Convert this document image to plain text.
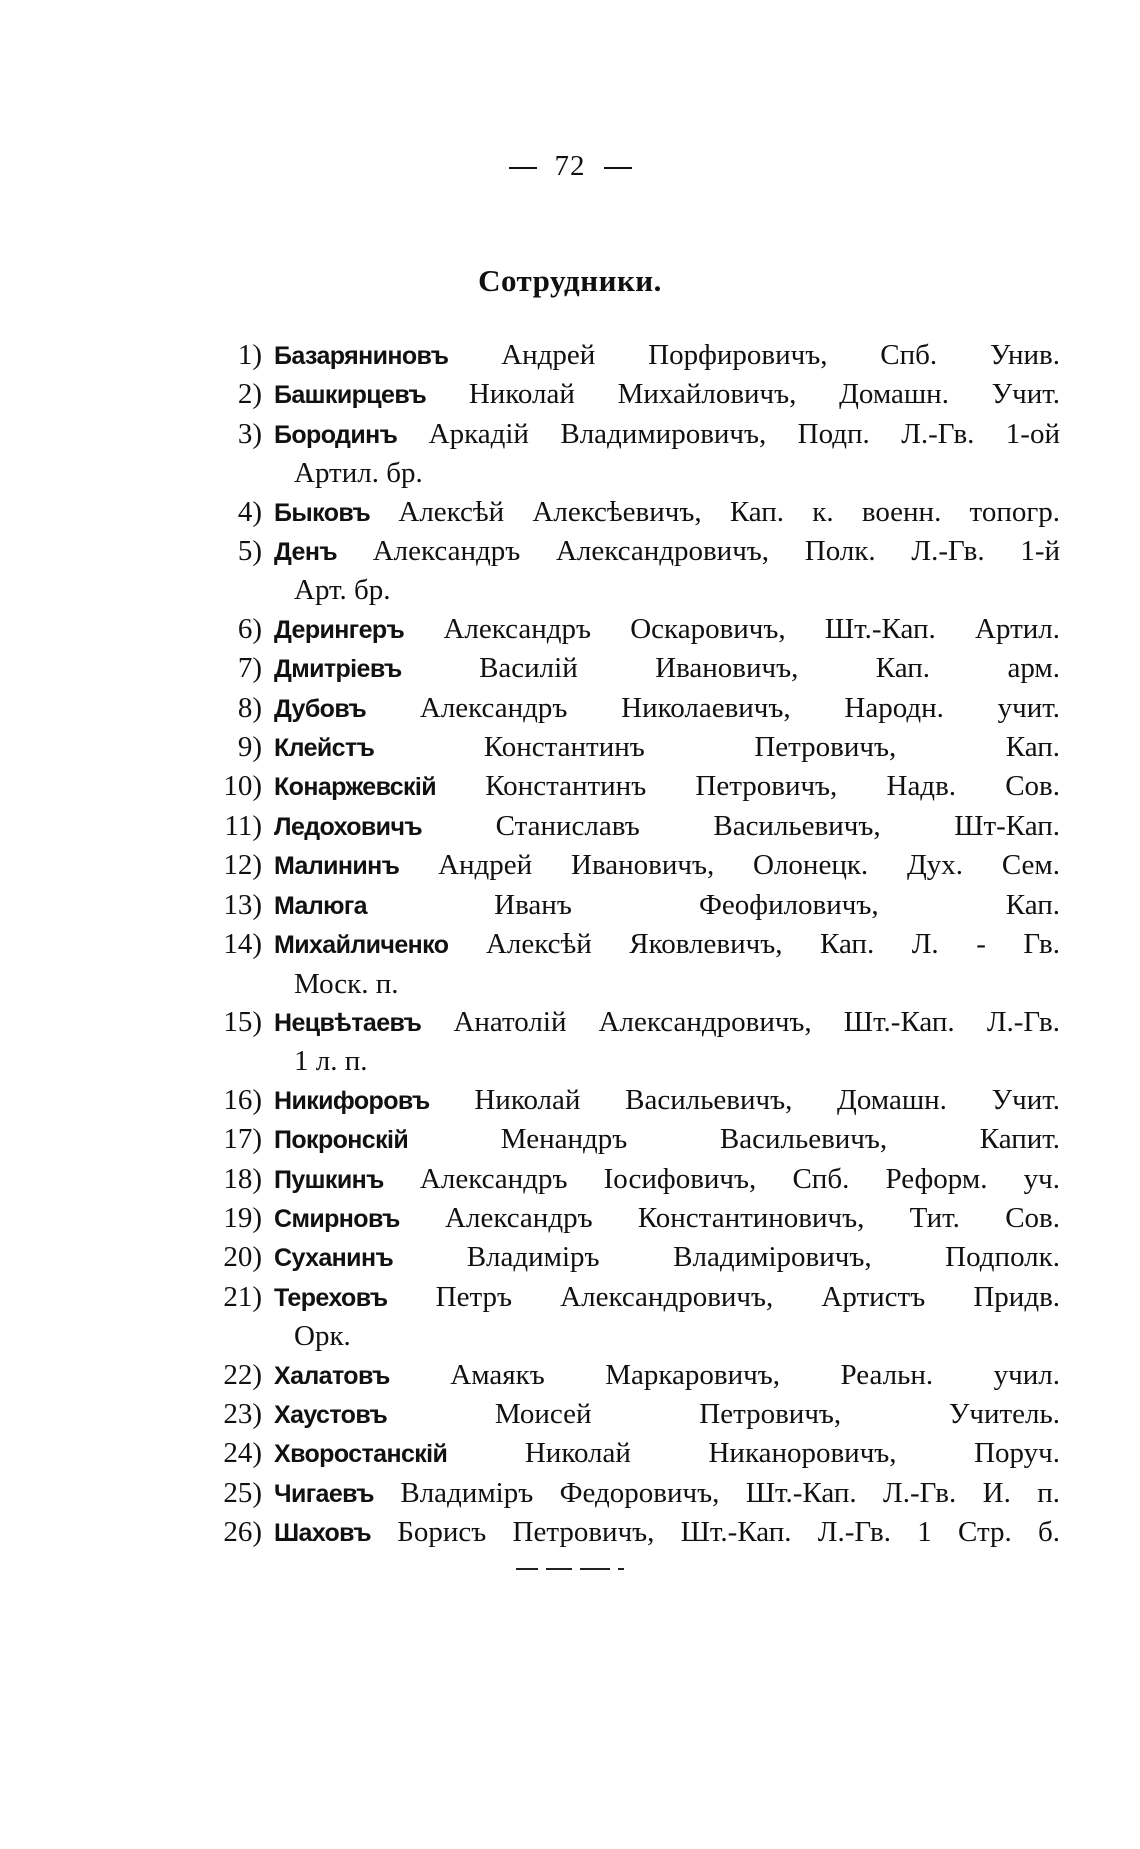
72
Сотрудники.
1) Базаряниновъ Андрей Порфировичъ, Спб. Унив.
2) Башкирцевъ Николай Михайловичъ, Домашн. Учит.
3) Бородинъ Аркадій Владимировичъ, Подп. Л.-Гв. 1-ой
Артил. бр.
4) Быковъ Алексѣй Алексѣевичъ, Кап. к. военн. топогр.
5) Денъ Александръ Александровичъ, Полк. Л.-Гв. 1-й
Арт. бр.
6) Дерингеръ Александръ Оскаровичъ, Шт.-Кап. Артил.
7) Дмитріевъ	Василій Ивановичъ, Кап. арм.
8) Дубовъ Александръ Николаевичъ, Народн. учит.
9) Клейстъ	Константинъ Петровичъ, Кап.
10) Конаржевскій Константинъ Петровичъ, Надв. Сов.
11) Ледоховичъ	Станиславъ Васильевичъ, Шт-Кап.
12) Малининъ Андрей Ивановичъ, Олонецк. Дух. Сем.
13) Малюга	Иванъ Феофиловичъ, Кап.
14) Михайличенко Алексѣй Яковлевичъ, Кап. Л. - Гв.
Моск. п.
15) Нецвѣтаевъ Анатолій Александровичъ, Шт.-Кап. Л.-Гв.
1 л. п.
16) Никифоровъ Николай Васильевичъ, Домашн. Учит.
17) Покронскій	Менандръ Васильевичъ, Капит.
18) Пушкинъ Александръ Іосифовичъ, Спб. Реформ. уч.
19) Смирновъ Александръ Константиновичъ, Тит. Сов.
20) Суханинъ	Владиміръ Владиміровичъ, Подполк.
21) Тереховъ Петръ Александровичъ, Артистъ Придв.
Орк.
22) Халатовъ Амаякъ Маркаровичъ, Реальн. учил.
23) Хаустовъ	Моисей Петровичъ, Учитель.
24) Хворостанскій	Николай Никаноровичъ, Поруч.
25) Чигаевъ Владиміръ Федоровичъ, Шт.-Кап. Л.-Гв. И. п.
26) Шаховъ Борисъ Петровичъ, Шт.-Кап. Л.-Гв. 1 Стр. б.
